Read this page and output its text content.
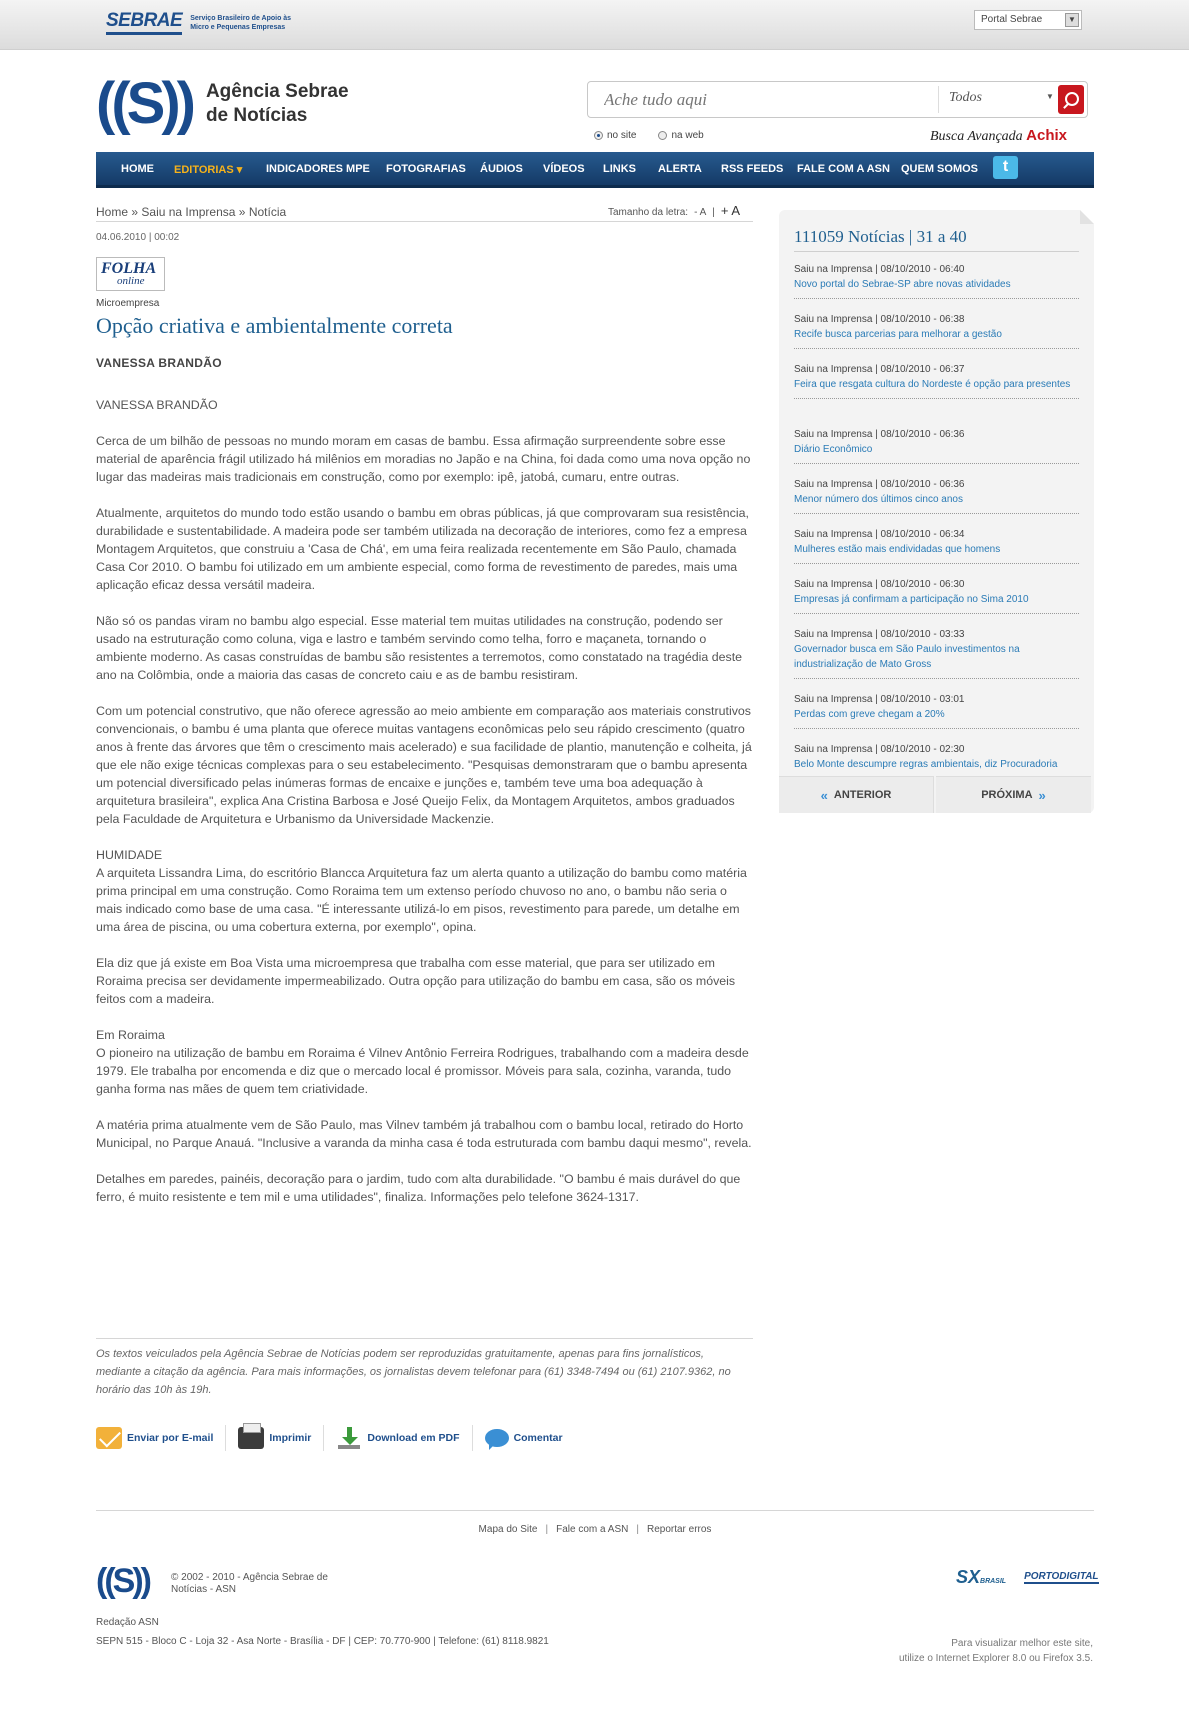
SEBRAE Serviço Brasileiro de Apoio às Micro e Pequenas Empresas
Portal Sebrae	▼
((S)) Agência Sebrae
de Notícias
Ache tudo aqui
Todos	▼
no site	na web	Busca Avançada Achix
HOME EDITORIAS ▾ INDICADORES MPE FOTOGRAFIAS ÁUDIOS VÍDEOS LINKS ALERTA RSS FEEDS FALE COM A ASN QUEM SOMOS	t
Home » Saiu na Imprensa » Notícia	Tamanho da letra: - A | + A
04.06.2010 | 00:02
FOLHA
online
Microempresa
Opção criativa e ambientalmente correta
VANESSA BRANDÃO

VANESSA BRANDÃO

Cerca de um bilhão de pessoas no mundo moram em casas de bambu. Essa afirmação surpreendente sobre esse material de aparência frágil utilizado há milênios em moradias no Japão e na China, foi dada como uma nova opção no lugar das madeiras mais tradicionais em construção, como por exemplo: ipê, jatobá, cumaru, entre outras.

Atualmente, arquitetos do mundo todo estão usando o bambu em obras públicas, já que comprovaram sua resistência, durabilidade e sustentabilidade. A madeira pode ser também utilizada na decoração de interiores, como fez a empresa Montagem Arquitetos, que construiu a 'Casa de Chá', em uma feira realizada recentemente em São Paulo, chamada Casa Cor 2010. O bambu foi utilizado em um ambiente especial, como forma de revestimento de paredes, mais uma aplicação eficaz dessa versátil madeira.

Não só os pandas viram no bambu algo especial. Esse material tem muitas utilidades na construção, podendo ser usado na estruturação como coluna, viga e lastro e também servindo como telha, forro e maçaneta, tornando o ambiente moderno. As casas construídas de bambu são resistentes a terremotos, como constatado na tragédia deste ano na Colômbia, onde a maioria das casas de concreto caiu e as de bambu resistiram.

Com um potencial construtivo, que não oferece agressão ao meio ambiente em comparação aos materiais construtivos convencionais, o bambu é uma planta que oferece muitas vantagens econômicas pelo seu rápido crescimento (quatro anos à frente das árvores que têm o crescimento mais acelerado) e sua facilidade de plantio, manutenção e colheita, já que ele não exige técnicas complexas para o seu estabelecimento. "Pesquisas demonstraram que o bambu apresenta um potencial diversificado pelas inúmeras formas de encaixe e junções e, também teve uma boa adequação à arquitetura brasileira", explica Ana Cristina Barbosa e José Queijo Felix, da Montagem Arquitetos, ambos graduados pela Faculdade de Arquitetura e Urbanismo da Universidade Mackenzie.

HUMIDADE
A arquiteta Lissandra Lima, do escritório Blancca Arquitetura faz um alerta quanto a utilização do bambu como matéria prima principal em uma construção. Como Roraima tem um extenso período chuvoso no ano, o bambu não seria o mais indicado como base de uma casa. "É interessante utilizá-lo em pisos, revestimento para parede, um detalhe em uma área de piscina, ou uma cobertura externa, por exemplo", opina.

Ela diz que já existe em Boa Vista uma microempresa que trabalha com esse material, que para ser utilizado em Roraima precisa ser devidamente impermeabilizado. Outra opção para utilização do bambu em casa, são os móveis feitos com a madeira.

Em Roraima
O pioneiro na utilização de bambu em Roraima é Vilnev Antônio Ferreira Rodrigues, trabalhando com a madeira desde 1979. Ele trabalha por encomenda e diz que o mercado local é promissor. Móveis para sala, cozinha, varanda, tudo ganha forma nas mães de quem tem criatividade.

A matéria prima atualmente vem de São Paulo, mas Vilnev também já trabalhou com o bambu local, retirado do Horto Municipal, no Parque Anauá. "Inclusive a varanda da minha casa é toda estruturada com bambu daqui mesmo", revela.

Detalhes em paredes, painéis, decoração para o jardim, tudo com alta durabilidade. "O bambu é mais durável do que ferro, é muito resistente e tem mil e uma utilidades", finaliza. Informações pelo telefone 3624-1317.

Os textos veiculados pela Agência Sebrae de Notícias podem ser reproduzidas gratuitamente, apenas para fins jornalísticos, mediante a citação da agência. Para mais informações, os jornalistas devem telefonar para (61) 3348-7494 ou (61) 2107.9362, no horário das 10h às 19h.
Enviar por E-mail	Imprimir	Download em PDF	Comentar
111059 Notícias | 31 a 40
Saiu na Imprensa | 08/10/2010 - 06:40
Novo portal do Sebrae-SP abre novas atividades
Saiu na Imprensa | 08/10/2010 - 06:38
Recife busca parcerias para melhorar a gestão
Saiu na Imprensa | 08/10/2010 - 06:37
Feira que resgata cultura do Nordeste é opção para presentes
Saiu na Imprensa | 08/10/2010 - 06:36
Diário Econômico
Saiu na Imprensa | 08/10/2010 - 06:36
Menor número dos últimos cinco anos
Saiu na Imprensa | 08/10/2010 - 06:34
Mulheres estão mais endividadas que homens
Saiu na Imprensa | 08/10/2010 - 06:30
Empresas já confirmam a participação no Sima 2010
Saiu na Imprensa | 08/10/2010 - 03:33
Governador busca em São Paulo investimentos na industrialização de Mato Gross
Saiu na Imprensa | 08/10/2010 - 03:01
Perdas com greve chegam a 20%
Saiu na Imprensa | 08/10/2010 - 02:30
Belo Monte descumpre regras ambientais, diz Procuradoria
« ANTERIOR	PRÓXIMA »
Mapa do Site | Fale com a ASN | Reportar erros
((S)) © 2002 - 2010 - Agência Sebrae de Notícias - ASN
SXBRASIL PORTODIGITAL
Redação ASN
SEPN 515 - Bloco C - Loja 32 - Asa Norte - Brasília - DF | CEP: 70.770-900 | Telefone: (61) 8118.9821	Para visualizar melhor este site,
utilize o Internet Explorer 8.0 ou Firefox 3.5.
